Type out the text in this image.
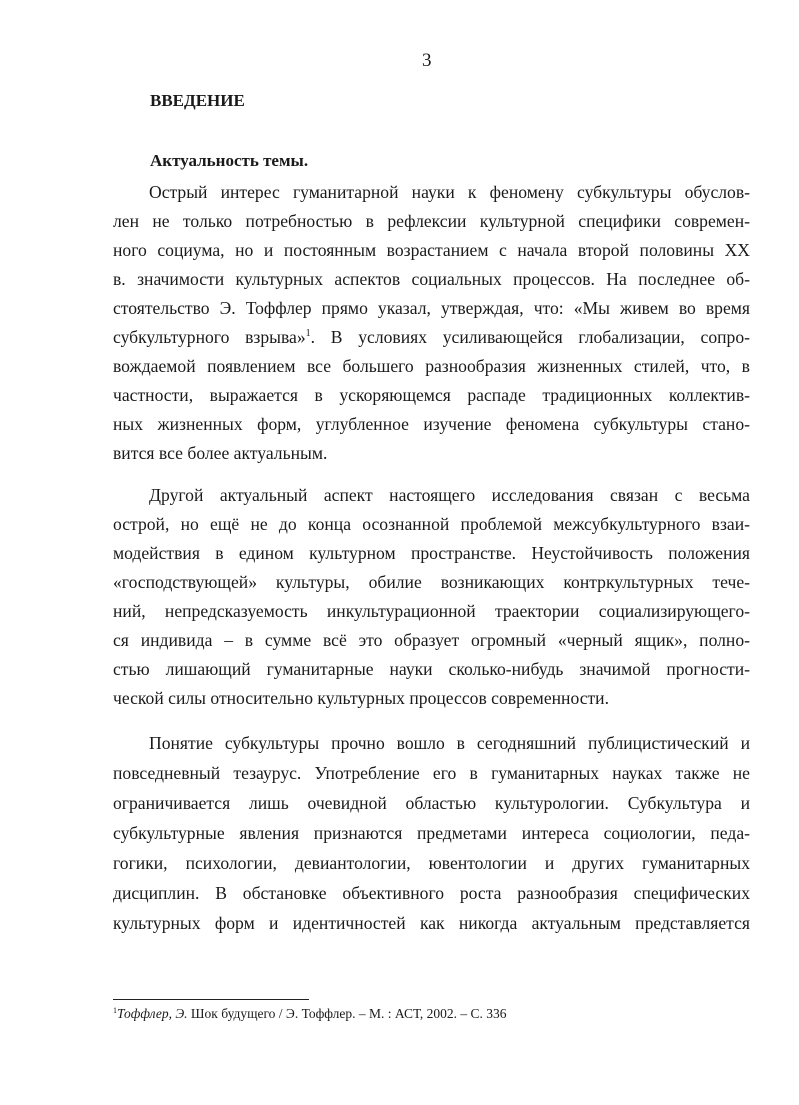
3
ВВЕДЕНИЕ
Актуальность темы.
Острый интерес гуманитарной науки к феномену субкультуры обуслов-
лен не только потребностью в рефлексии культурной специфики современ-
ного социума, но и постоянным возрастанием с начала второй половины XX
в. значимости культурных аспектов социальных процессов. На последнее об-
стоятельство Э. Тоффлер прямо указал, утверждая, что: «Мы живем во время
субкультурного взрыва»$^1$. В условиях усиливающейся глобализации, сопро-
вождаемой появлением все большего разнообразия жизненных стилей, что, в
частности, выражается в ускоряющемся распаде традиционных коллектив-
ных жизненных форм, углубленное изучение феномена субкультуры стано-
вится все более актуальным.
Другой актуальный аспект настоящего исследования связан с весьма
острой, но ещё не до конца осознанной проблемой межсубкультурного взаи-
модействия в едином культурном пространстве. Неустойчивость положения
«господствующей» культуры, обилие возникающих контркультурных тече-
ний, непредсказуемость инкультурационной траектории социализирующего-
ся индивида – в сумме всё это образует огромный «черный ящик», полно-
стью лишающий гуманитарные науки сколько-нибудь значимой прогности-
ческой силы относительно культурных процессов современности.
Понятие субкультуры прочно вошло в сегодняшний публицистический и
повседневный тезаурус. Употребление его в гуманитарных науках также не
ограничивается лишь очевидной областью культурологии. Субкультура и
субкультурные явления признаются предметами интереса социологии, педа-
гогики, психологии, девиантологии, ювентологии и других гуманитарных
дисциплин. В обстановке объективного роста разнообразия специфических
культурных форм и идентичностей как никогда актуальным представляется
$^1$Тоффлер, Э. Шок будущего / Э. Тоффлер. – М. : АСТ, 2002. – С. 336
